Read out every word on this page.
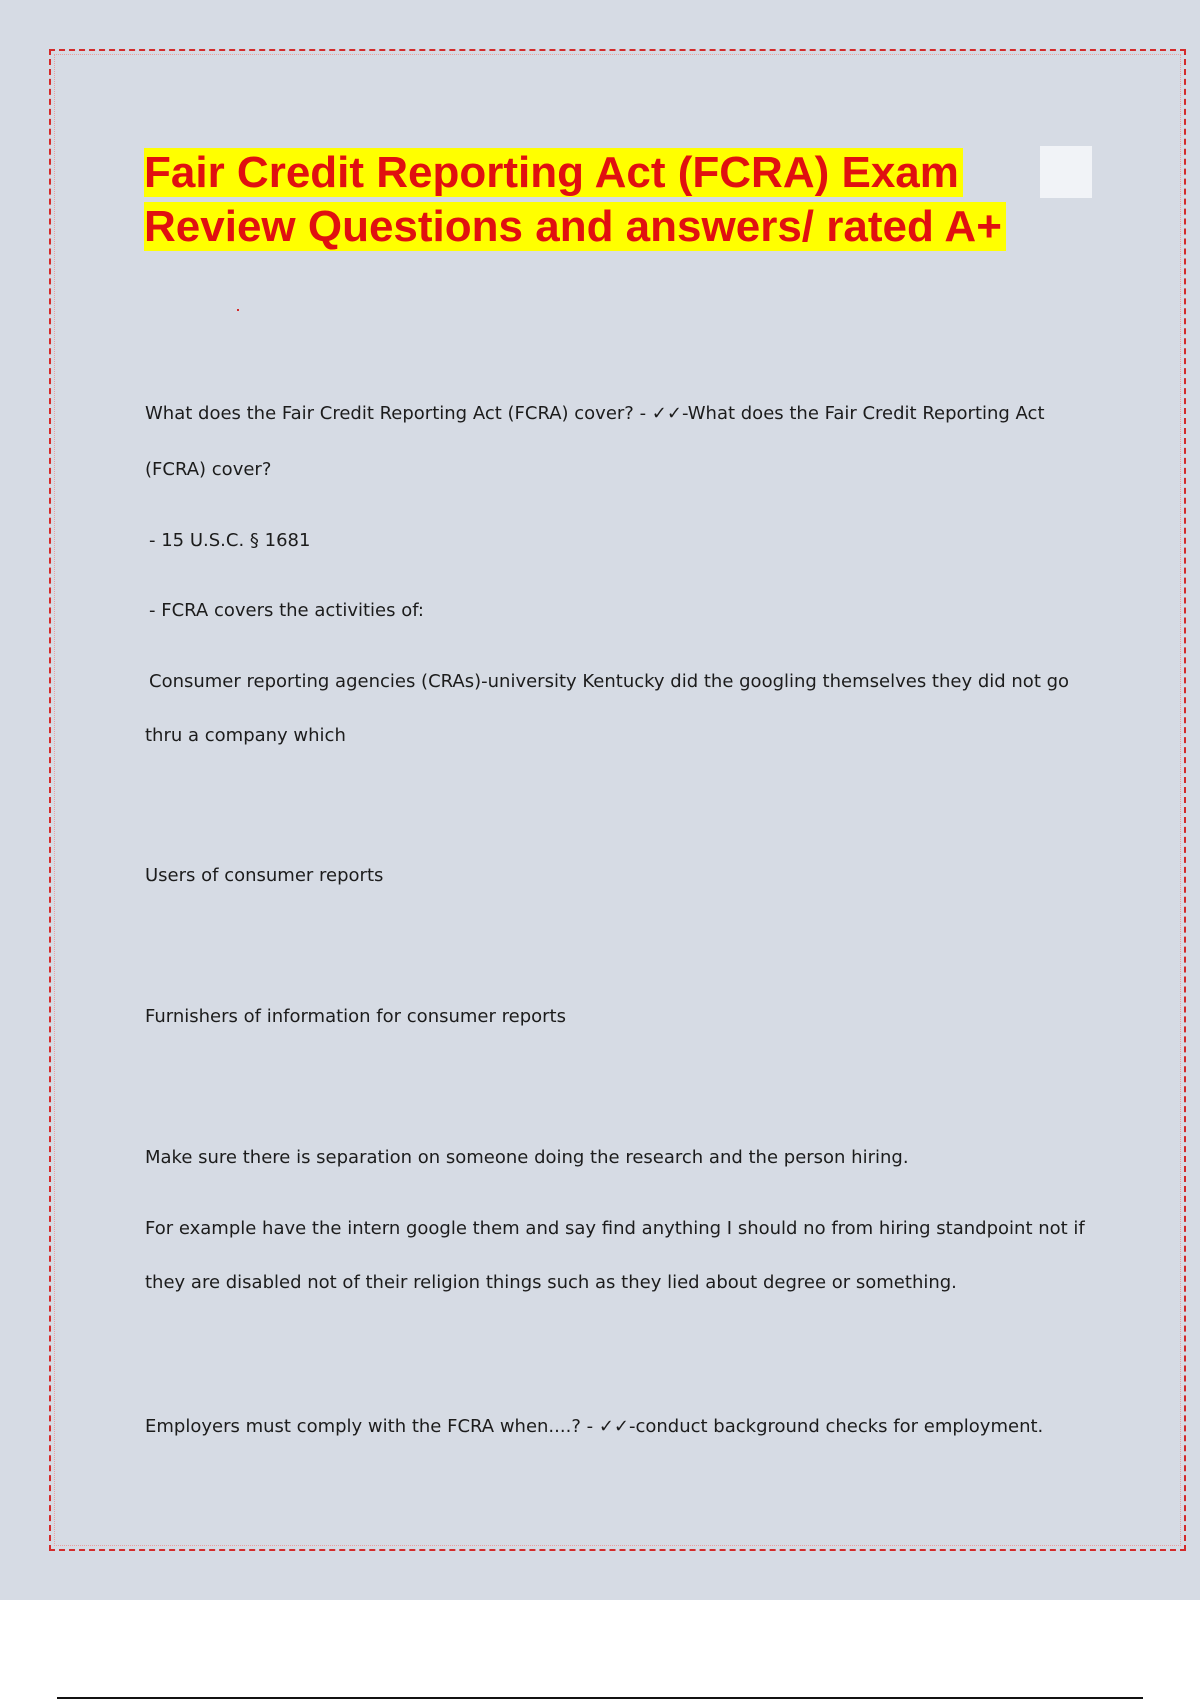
Fair Credit Reporting Act (FCRA) Exam
Review Questions and answers/ rated A+
What does the Fair Credit Reporting Act (FCRA) cover? - ✓✓-What does the Fair Credit Reporting Act
(FCRA) cover?
- 15 U.S.C. § 1681
- FCRA covers the activities of:
Consumer reporting agencies (CRAs)-university Kentucky did the googling themselves they did not go
thru a company which
Users of consumer reports
Furnishers of information for consumer reports
Make sure there is separation on someone doing the research and the person hiring.
For example have the intern google them and say find anything I should no from hiring standpoint not if
they are disabled not of their religion things such as they lied about degree or something.
Employers must comply with the FCRA when....? - ✓✓-conduct background checks for employment.
